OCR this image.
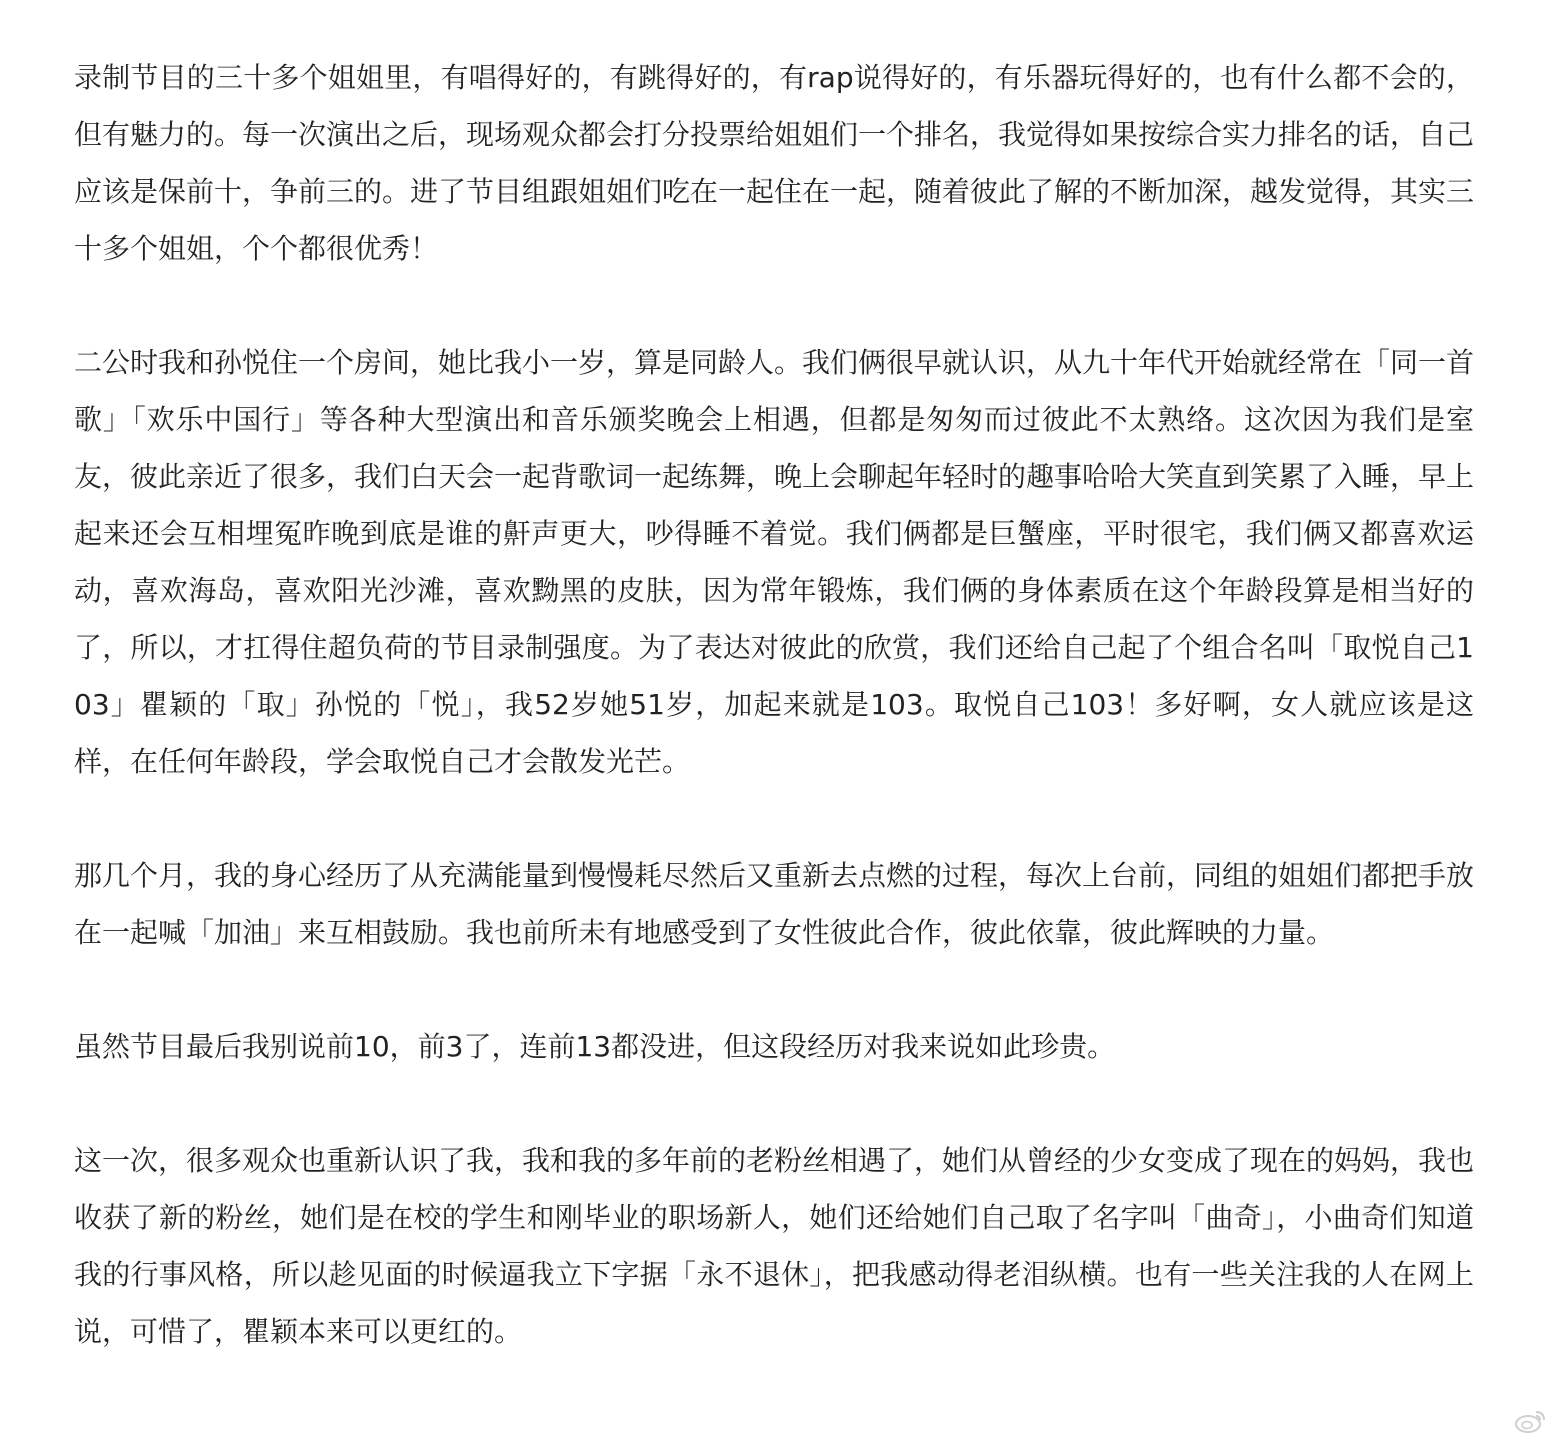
录制节目的三十多个姐姐里，有唱得好的，有跳得好的，有rap说得好的，有乐器玩得好的，也有什么都不会的，但有魅力的。每一次演出之后，现场观众都会打分投票给姐姐们一个排名，我觉得如果按综合实力排名的话，自己应该是保前十，争前三的。进了节目组跟姐姐们吃在一起住在一起，随着彼此了解的不断加深，越发觉得，其实三十多个姐姐，个个都很优秀！

二公时我和孙悦住一个房间，她比我小一岁，算是同龄人。我们俩很早就认识，从九十年代开始就经常在「同一首歌」「欢乐中国行」等各种大型演出和音乐颁奖晚会上相遇，但都是匆匆而过彼此不太熟络。这次因为我们是室友，彼此亲近了很多，我们白天会一起背歌词一起练舞，晚上会聊起年轻时的趣事哈哈大笑直到笑累了入睡，早上起来还会互相埋冤昨晚到底是谁的鼾声更大，吵得睡不着觉。我们俩都是巨蟹座，平时很宅，我们俩又都喜欢运动，喜欢海岛，喜欢阳光沙滩，喜欢黝黑的皮肤，因为常年锻炼，我们俩的身体素质在这个年龄段算是相当好的了，所以，才扛得住超负荷的节目录制强度。为了表达对彼此的欣赏，我们还给自己起了个组合名叫「取悦自己103」瞿颖的「取」孙悦的「悦」，我52岁她51岁，加起来就是103。取悦自己103！多好啊，女人就应该是这样，在任何年龄段，学会取悦自己才会散发光芒。

那几个月，我的身心经历了从充满能量到慢慢耗尽然后又重新去点燃的过程，每次上台前，同组的姐姐们都把手放在一起喊「加油」来互相鼓励。我也前所未有地感受到了女性彼此合作，彼此依靠，彼此辉映的力量。

虽然节目最后我别说前10，前3了，连前13都没进，但这段经历对我来说如此珍贵。

这一次，很多观众也重新认识了我，我和我的多年前的老粉丝相遇了，她们从曾经的少女变成了现在的妈妈，我也收获了新的粉丝，她们是在校的学生和刚毕业的职场新人，她们还给她们自己取了名字叫「曲奇」，小曲奇们知道我的行事风格，所以趁见面的时候逼我立下字据「永不退休」，把我感动得老泪纵横。也有一些关注我的人在网上说，可惜了，瞿颖本来可以更红的。
